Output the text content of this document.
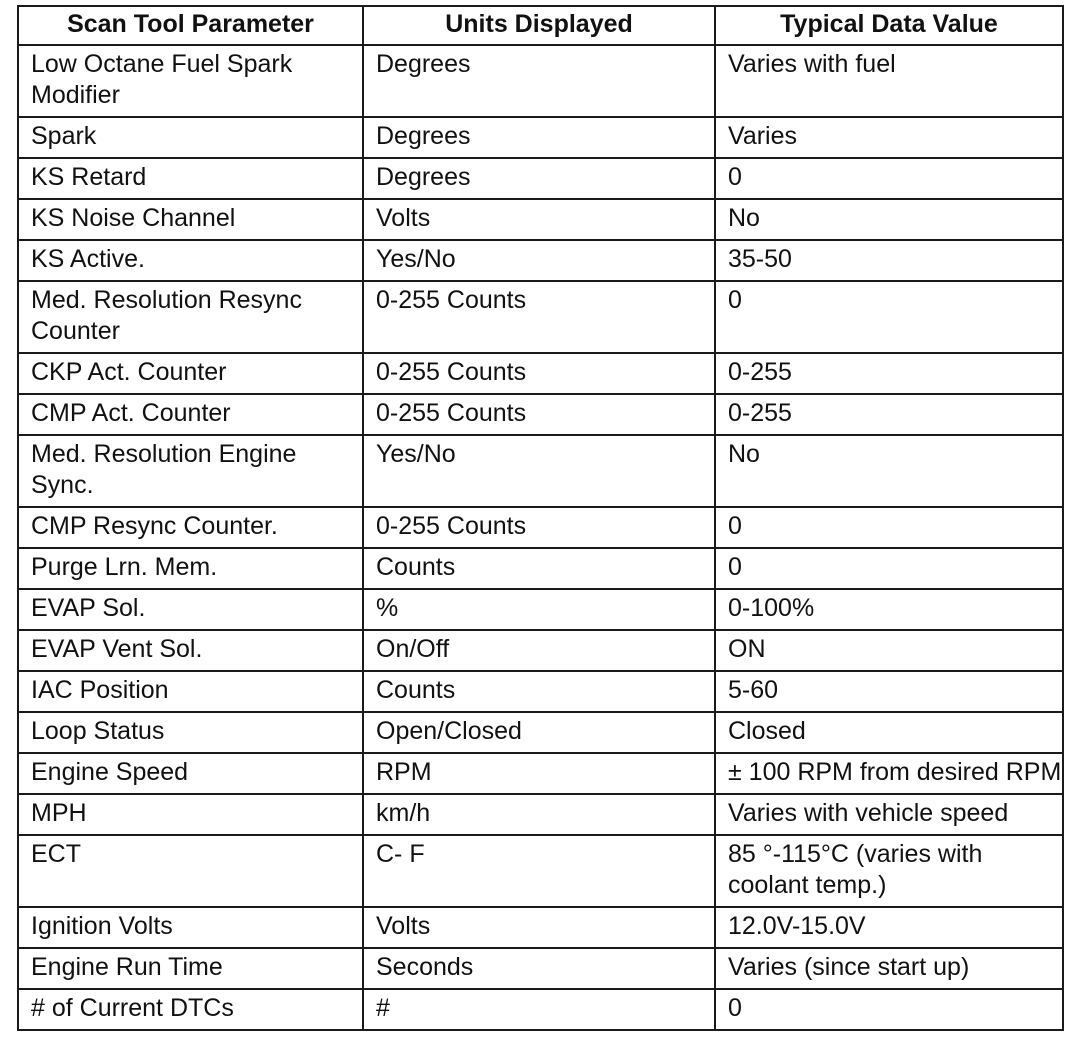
Scan Tool Parameter	Units Displayed	Typical Data Value
Low Octane Fuel Spark Modifier	Degrees	Varies with fuel
Spark	Degrees	Varies
KS Retard	Degrees	0
KS Noise Channel	Volts	No
KS Active.	Yes/No	35-50
Med. Resolution Resync Counter	0-255 Counts	0
CKP Act. Counter	0-255 Counts	0-255
CMP Act. Counter	0-255 Counts	0-255
Med. Resolution Engine Sync.	Yes/No	No
CMP Resync Counter.	0-255 Counts	0
Purge Lrn. Mem.	Counts	0
EVAP Sol.	%	0-100%
EVAP Vent Sol.	On/Off	ON
IAC Position	Counts	5-60
Loop Status	Open/Closed	Closed
Engine Speed	RPM	± 100 RPM from desired RPM
MPH	km/h	Varies with vehicle speed
ECT	C- F	85 °-115°C (varies with coolant temp.)
Ignition Volts	Volts	12.0V-15.0V
Engine Run Time	Seconds	Varies (since start up)
# of Current DTCs	#	0
